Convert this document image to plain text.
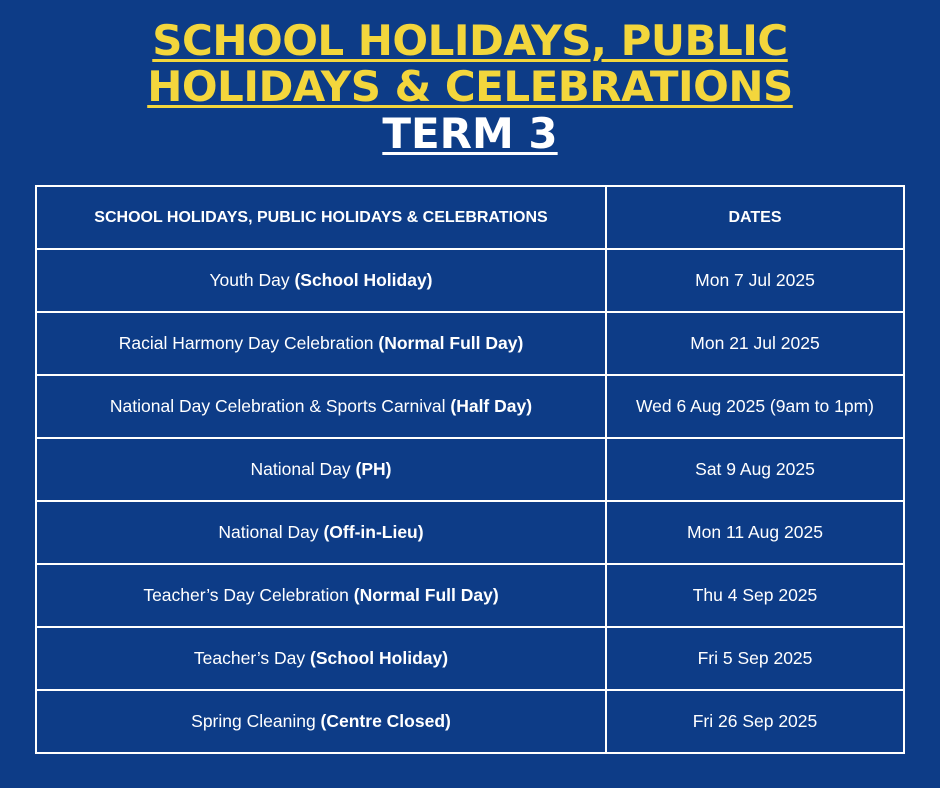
SCHOOL HOLIDAYS, PUBLIC
HOLIDAYS & CELEBRATIONS
TERM 3
SCHOOL HOLIDAYS, PUBLIC HOLIDAYS & CELEBRATIONS	DATES
Youth Day (School Holiday)	Mon 7 Jul 2025
Racial Harmony Day Celebration (Normal Full Day)	Mon 21 Jul 2025
National Day Celebration & Sports Carnival (Half Day)	Wed 6 Aug 2025 (9am to 1pm)
National Day (PH)	Sat 9 Aug 2025
National Day (Off-in-Lieu)	Mon 11 Aug 2025
Teacher’s Day Celebration (Normal Full Day)	Thu 4 Sep 2025
Teacher’s Day (School Holiday)	Fri 5 Sep 2025
Spring Cleaning (Centre Closed)	Fri 26 Sep 2025
